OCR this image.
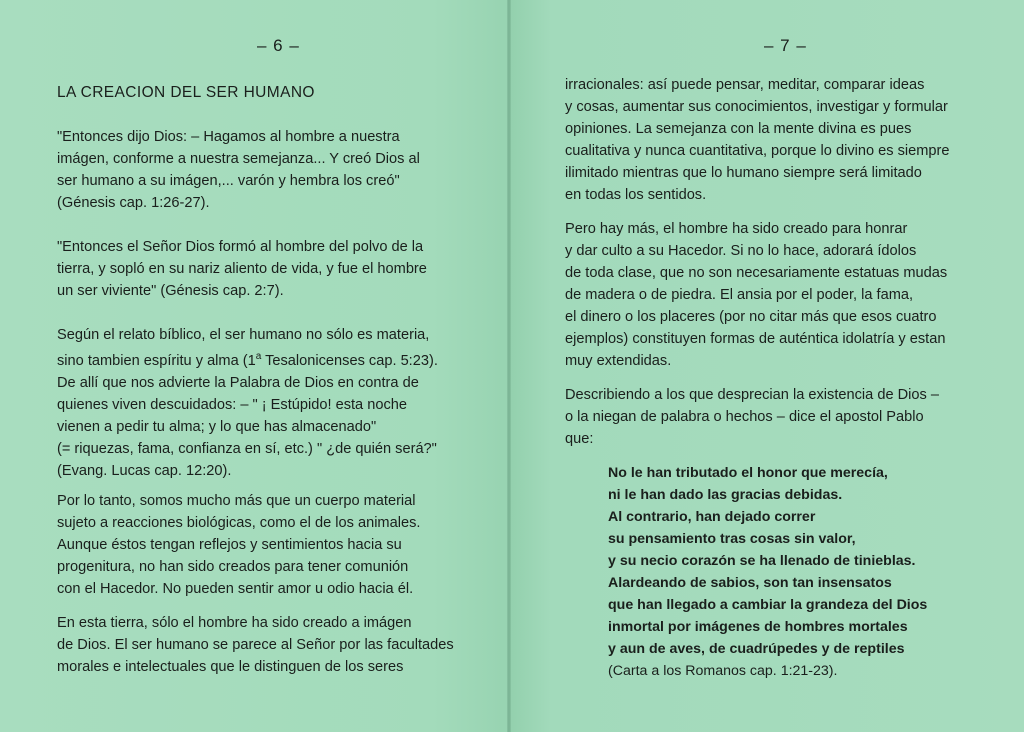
– 6 –
LA CREACION DEL SER HUMANO

"Entonces dijo Dios: – Hagamos al hombre a nuestra
imágen, conforme a nuestra semejanza... Y creó Dios al
ser humano a su imágen,... varón y hembra los creó"
(Génesis cap. 1:26-27).

"Entonces el Señor Dios formó al hombre del polvo de la
tierra, y sopló en su nariz aliento de vida, y fue el hombre
un ser viviente" (Génesis cap. 2:7).

Según el relato bíblico, el ser humano no sólo es materia,
sino tambien espíritu y alma (1$^a$ Tesalonicenses cap. 5:23).
De allí que nos advierte la Palabra de Dios en contra de
quienes viven descuidados: – " ¡ Estúpido! esta noche
vienen a pedir tu alma; y lo que has almacenado"
(= riquezas, fama, confianza en sí, etc.) " ¿de quién será?"
(Evang. Lucas cap. 12:20).

Por lo tanto, somos mucho más que un cuerpo material
sujeto a reacciones biológicas, como el de los animales.
Aunque éstos tengan reflejos y sentimientos hacia su
progenitura, no han sido creados para tener comunión
con el Hacedor. No pueden sentir amor u odio hacia él.

En esta tierra, sólo el hombre ha sido creado a imágen
de Dios. El ser humano se parece al Señor por las facultades
morales e intelectuales que le distinguen de los seres

– 7 –

irracionales: así puede pensar, meditar, comparar ideas
y cosas, aumentar sus conocimientos, investigar y formular
opiniones. La semejanza con la mente divina es pues
cualitativa y nunca cuantitativa, porque lo divino es siempre
ilimitado mientras que lo humano siempre será limitado
en todas los sentidos.

Pero hay más, el hombre ha sido creado para honrar
y dar culto a su Hacedor. Si no lo hace, adorará ídolos
de toda clase, que no son necesariamente estatuas mudas
de madera o de piedra. El ansia por el poder, la fama,
el dinero o los placeres (por no citar más que esos cuatro
ejemplos) constituyen formas de auténtica idolatría y estan
muy extendidas.

Describiendo a los que desprecian la existencia de Dios –
o la niegan de palabra o hechos – dice el apostol Pablo
que:

No le han tributado el honor que merecía,
ni le han dado las gracias debidas.
Al contrario, han dejado correr
su pensamiento tras cosas sin valor,
y su necio corazón se ha llenado de tinieblas.
Alardeando de sabios, son tan insensatos
que han llegado a cambiar la grandeza del Dios
inmortal por imágenes de hombres mortales
y aun de aves, de cuadrúpedes y de reptiles
(Carta a los Romanos cap. 1:21-23).
